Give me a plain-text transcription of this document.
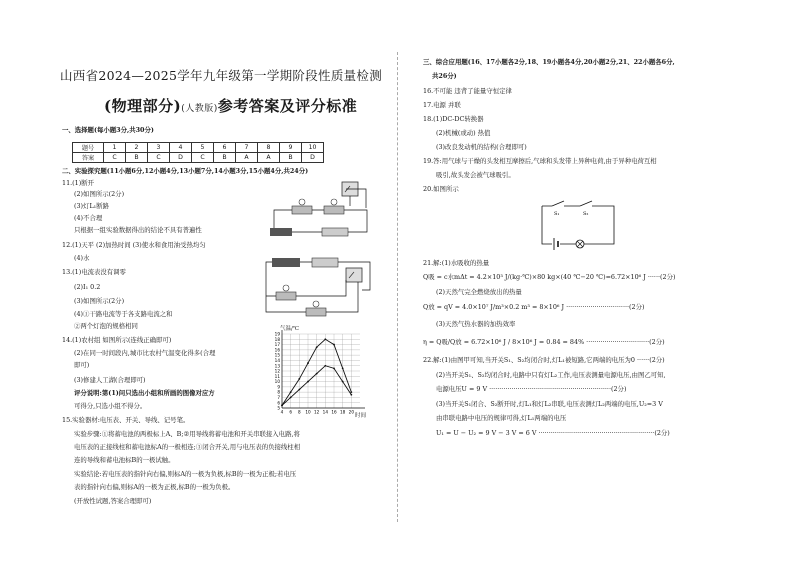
山西省2024—2025学年九年级第一学期阶段性质量检测
(物理部分)(人教版)参考答案及评分标准
一、选择题(每小题3分,共30分)
题号	1	2	3	4	5	6	7	8	9	10
答案	C	B	C	D	C	B	A	A	B	D
二、实验探究题(11小题6分,12小题4分,13小题7分,14小题3分,15小题4分,共24分)
11.(1)断开
(2)如图所示(2分)
(3)灯L₁断路
(4)不合理
只根据一组实验数据得出的结论不具有普遍性
12.(1)天平 (2)加热时间 (3)使水和食用油受热均匀
(4)水
13.(1)电流表没有调零
(2)I₁ 0.2
(3)如图所示(2分)
(4)①干路电流等于各支路电流之和
②两个灯泡的规格相同
14.(1)农村组 如图所示(连线正确即可)
(2)在同一时间段内,城市比农村气温变化得多(合理
即可)
(3)修建人工湖(合理即可)
评分说明:第(1)问只选出小组和所画的图像对应方
可得分,只选小组不得分。
15.实验器材:电压表、开关、导线、记号笔。
实验步骤:①将蓄电池的两极标上A、B;②用导线将蓄电池和开关串联接入电路,将
电压表的正接线柱和蓄电池标A的一极相连;③闭合开关,用与电压表的负接线柱相
连的导线和蓄电池标B的一极试触。
实验结论:若电压表的指针向右偏,则标A的一极为负极,标B的一极为正极;若电压
表的指针向右偏,则标A的一极为正极,标B的一极为负极。
(开放性试题,答案合理即可)
气温/℃
时间
5
6
7
8
9
10
11
12
13
14
15
16
17
18
19
4 6 8 10 12 14 16 18 20
三、综合应用题(16、17小题各2分,18、19小题各4分,20小题2分,21、22小题各6分,
共26分)
16.不可能 违背了能量守恒定律
17.电源 并联
18.(1)DC-DC转换器
(2)机械(或动) 热值
(3)改良发动机的结构(合理即可)
19.答:用气球与干燥的头发相互摩擦后,气球和头发带上异种电荷,由于异种电荷互相
吸引,故头发会被气球吸引。
20.如图所示
S₁	S₂
21.解:(1)水吸收的热量
Q吸 = c水mΔt = 4.2×10³ J/(kg·℃)×80 kg×(40 ℃−20 ℃)=6.72×10⁶ J ······(2分)
(2)天然气完全燃烧放出的热量
Q放 = qV = 4.0×10⁷ J/m³×0.2 m³ = 8×10⁶ J ·······························(2分)
(3)天然气热水器的加热效率
η = Q吸/Q放 = 6.72×10⁶ J / 8×10⁶ J = 0.84 = 84% ·······························(2分)
22.解:(1)由图甲可知,当开关S₁、S₂均闭合时,灯L₁被短路,它两端的电压为0 ······(2分)
(2)当开关S₁、S₂均闭合时,电路中只有灯L₂工作,电压表测量电源电压,由图乙可知,
电源电压U = 9 V ····························································(2分)
(3)当开关S₁闭合、S₂断开时,灯L₁和灯L₂串联,电压表测灯L₂两端的电压,U₂=3 V
由串联电路中电压的规律可得,灯L₁两端的电压
U₁ = U − U₂ = 9 V − 3 V = 6 V ·························································(2分)
